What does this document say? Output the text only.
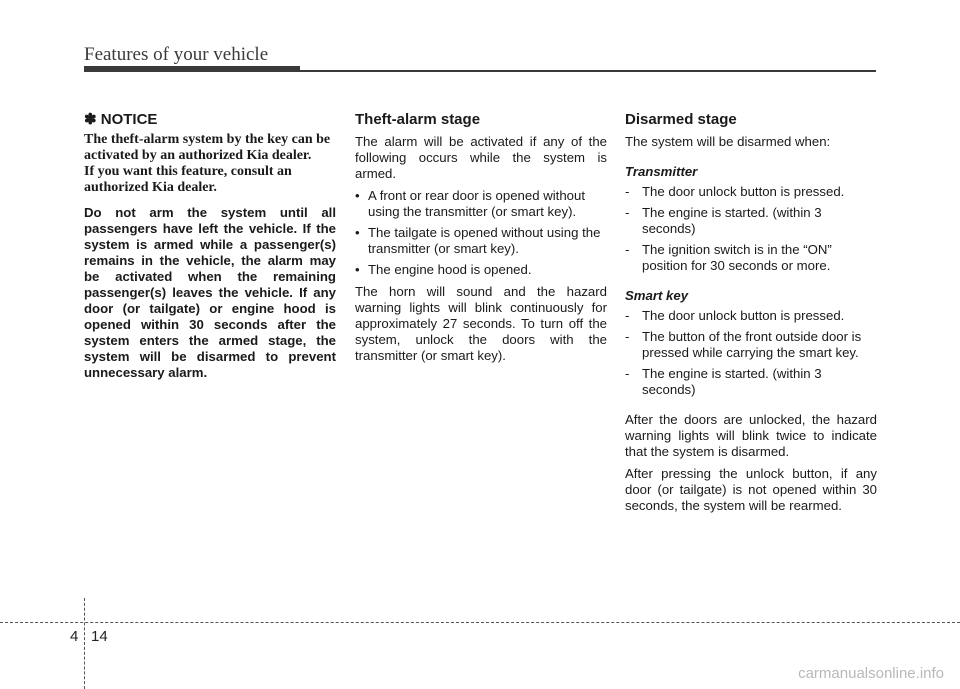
Features of your vehicle

✽ NOTICE

The theft-alarm system by the key can be activated by an authorized Kia dealer.
If you want this feature, consult an authorized Kia dealer.

Do not arm the system until all passengers have left the vehicle. If the system is armed while a passenger(s) remains in the vehicle, the alarm may be activated when the remaining passenger(s) leaves the vehicle. If any door (or tailgate) or engine hood is opened within 30 seconds after the system enters the armed stage, the system will be disarmed to prevent unnecessary alarm.

Theft-alarm stage

The alarm will be activated if any of the following occurs while the system is armed.

• A front or rear door is opened without using the transmitter (or smart key).
• The tailgate is opened without using the transmitter (or smart key).
• The engine hood is opened.

The horn will sound and the hazard warning lights will blink continuously for approximately 27 seconds. To turn off the system, unlock the doors with the transmitter (or smart key).

Disarmed stage

The system will be disarmed when:

Transmitter

- The door unlock button is pressed.
- The engine is started. (within 3 seconds)
- The ignition switch is in the “ON” position for 30 seconds or more.

Smart key

- The door unlock button is pressed.
- The button of the front outside door is pressed while carrying the smart key.
- The engine is started. (within 3 seconds)

After the doors are unlocked, the hazard warning lights will blink twice to indicate that the system is disarmed.

After pressing the unlock button, if any door (or tailgate) is not opened within 30 seconds, the system will be rearmed.

4 14
carmanualsonline.info
